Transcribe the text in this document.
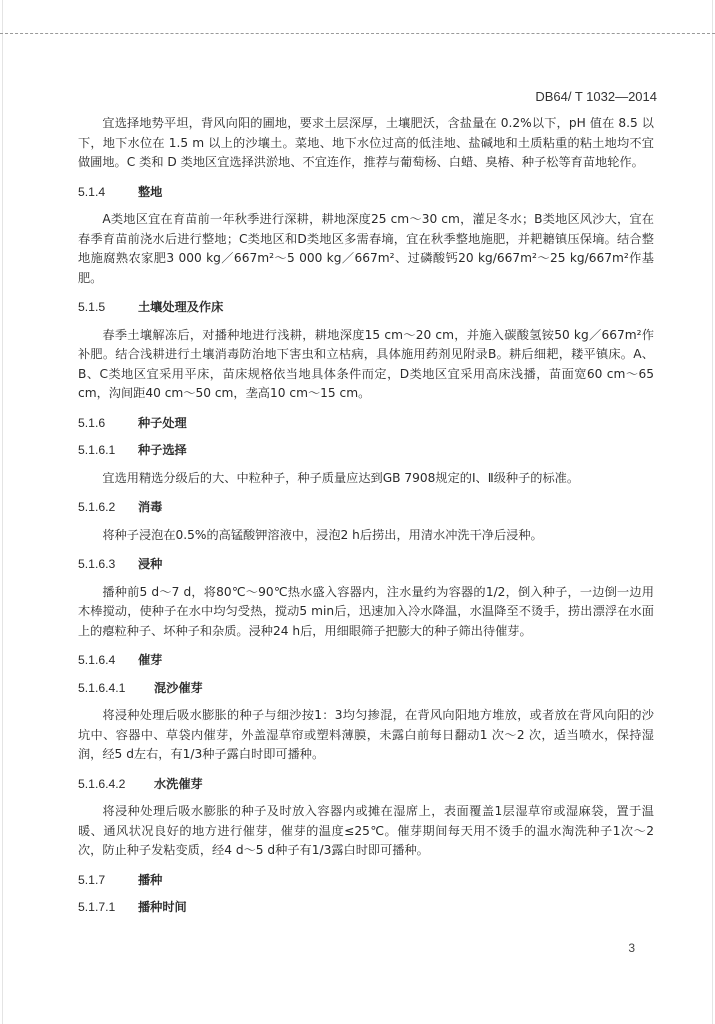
DB64/ T 1032—2014
宜选择地势平坦，背风向阳的圃地，要求土层深厚，土壤肥沃，含盐量在 0.2%以下，pH 值在 8.5 以下，地下水位在 1.5 m 以上的沙壤土。菜地、地下水位过高的低洼地、盐碱地和土质粘重的粘土地均不宜做圃地。C 类和 D 类地区宜选择洪淤地、不宜连作，推荐与葡萄杨、白蜡、臭椿、种子松等育苗地轮作。
5.1.4	整地
A类地区宜在育苗前一年秋季进行深耕，耕地深度25 cm～30 cm，灌足冬水；B类地区风沙大，宜在春季育苗前浇水后进行整地；C类地区和D类地区多需春墒，宜在秋季整地施肥，并耙耱镇压保墒。结合整地施腐熟农家肥3 000 kg／667m²～5 000 kg／667m²、过磷酸钙20 kg/667m²～25 kg/667m²作基肥。
5.1.5	土壤处理及作床
春季土壤解冻后，对播种地进行浅耕，耕地深度15 cm～20 cm，并施入碳酸氢铵50 kg／667m²作补肥。结合浅耕进行土壤消毒防治地下害虫和立枯病，具体施用药剂见附录B。耕后细耙，耧平镇床。A、B、C类地区宜采用平床，苗床规格依当地具体条件而定，D类地区宜采用高床浅播，苗面宽60 cm～65 cm，沟间距40 cm～50 cm，垄高10 cm～15 cm。
5.1.6	种子处理
5.1.6.1 种子选择
宜选用精选分级后的大、中粒种子，种子质量应达到GB 7908规定的Ⅰ、Ⅱ级种子的标准。
5.1.6.2 消毒
将种子浸泡在0.5%的高锰酸钾溶液中，浸泡2 h后捞出，用清水冲洗干净后浸种。
5.1.6.3 浸种
播种前5 d～7 d，将80℃～90℃热水盛入容器内，注水量约为容器的1/2，倒入种子，一边倒一边用木棒搅动，使种子在水中均匀受热，搅动5 min后，迅速加入冷水降温，水温降至不烫手，捞出漂浮在水面上的瘪粒种子、坏种子和杂质。浸种24 h后，用细眼筛子把膨大的种子筛出待催芽。
5.1.6.4 催芽
5.1.6.4.1 混沙催芽
将浸种处理后吸水膨胀的种子与细沙按1：3均匀掺混，在背风向阳地方堆放，或者放在背风向阳的沙坑中、容器中、草袋内催芽，外盖湿草帘或塑料薄膜，未露白前每日翻动1 次～2 次，适当喷水，保持湿润，经5 d左右，有1/3种子露白时即可播种。
5.1.6.4.2 水洗催芽
将浸种处理后吸水膨胀的种子及时放入容器内或摊在湿席上，表面覆盖1层湿草帘或湿麻袋，置于温暖、通风状况良好的地方进行催芽，催芽的温度≤25℃。催芽期间每天用不烫手的温水淘洗种子1次～2次，防止种子发粘变质，经4 d～5 d种子有1/3露白时即可播种。
5.1.7	播种
5.1.7.1 播种时间
3
